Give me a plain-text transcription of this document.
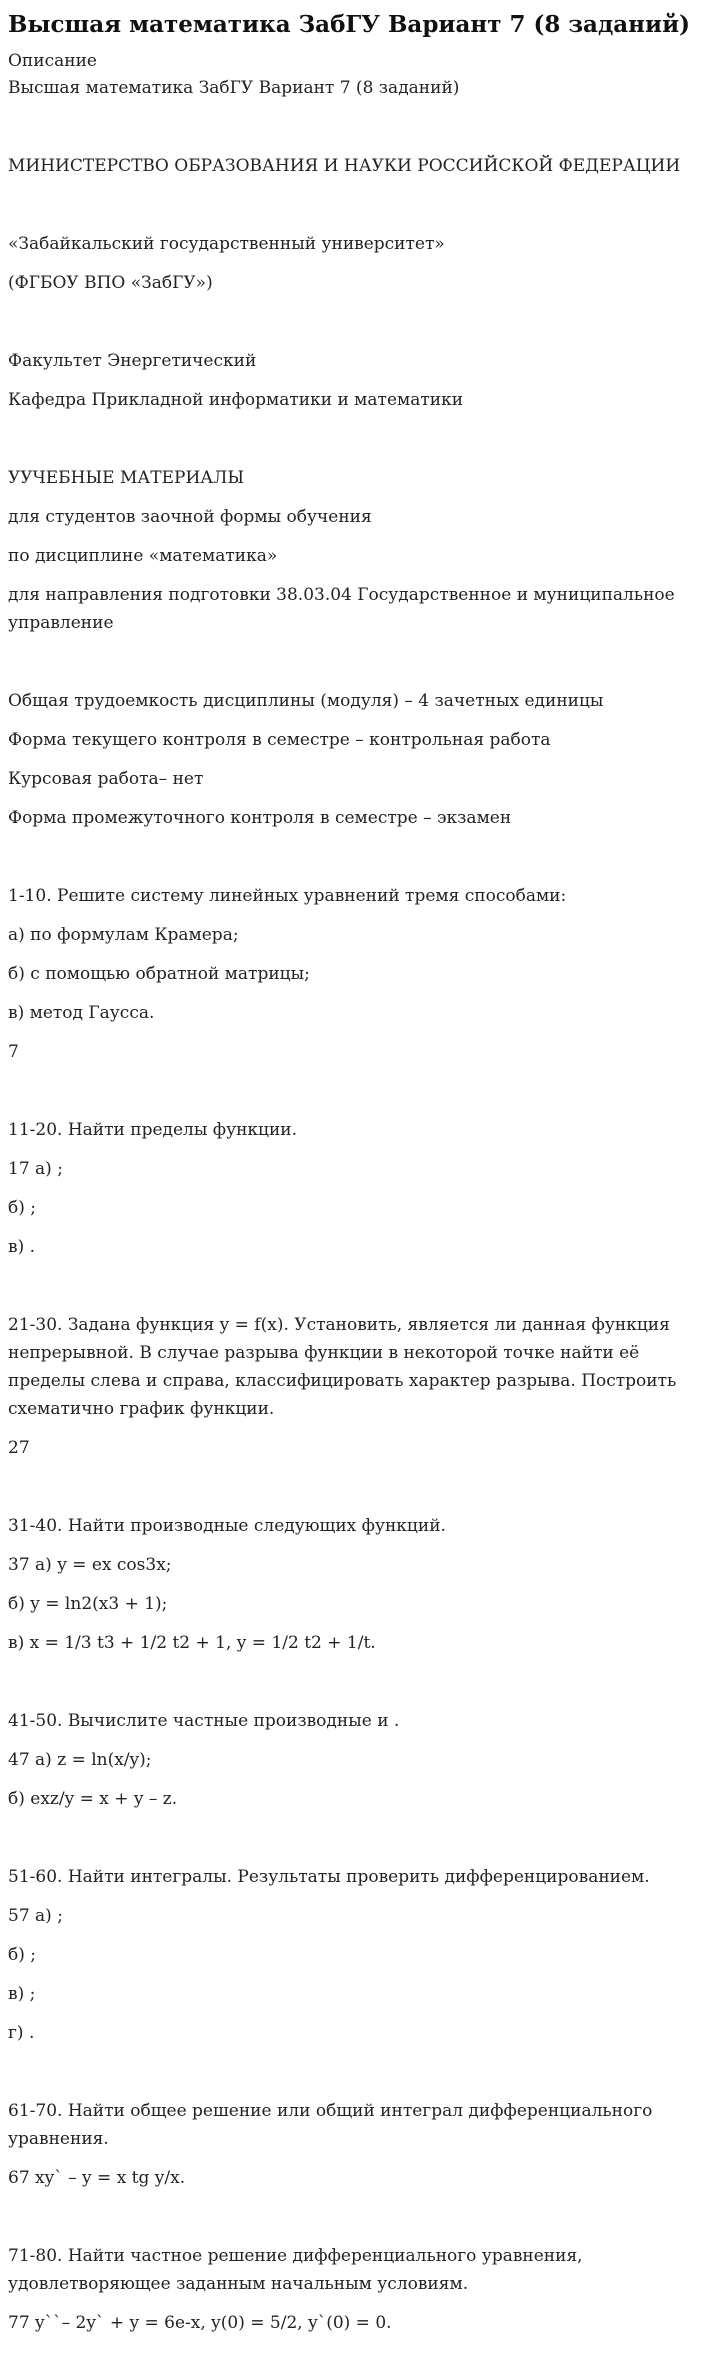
Высшая математика ЗабГУ Вариант 7 (8 заданий)
Описание

Высшая математика ЗабГУ Вариант 7 (8 заданий)

МИНИСТЕРСТВО ОБРАЗОВАНИЯ И НАУКИ РОССИЙСКОЙ ФЕДЕРАЦИИ

«Забайкальский государственный университет»

(ФГБОУ ВПО «ЗабГУ»)

Факультет Энергетический

Кафедра Прикладной информатики и математики

УУЧЕБНЫЕ МАТЕРИАЛЫ

для студентов заочной формы обучения

по дисциплине «математика»

для направления подготовки 38.03.04 Государственное и муниципальное управление

Общая трудоемкость дисциплины (модуля) – 4 зачетных единицы

Форма текущего контроля в семестре – контрольная работа

Курсовая работа– нет

Форма промежуточного контроля в семестре – экзамен

1-10. Решите систему линейных уравнений тремя способами:

а) по формулам Крамера;

б) с помощью обратной матрицы;

в) метод Гаусса.

7

11-20. Найти пределы функции.

17 а) ;

б) ;

в) .

21-30. Задана функция y = f(x). Установить, является ли данная функция непрерывной. В случае разрыва функции в некоторой точке найти её пределы слева и справа, классифицировать характер разрыва. Построить схематично график функции.

27

31-40. Найти производные следующих функций.

37 а) y = ex cos3x;

б) y = ln2(x3 + 1);

в) x = 1/3 t3 + 1/2 t2 + 1, y = 1/2 t2 + 1/t.

41-50. Вычислите частные производные и .

47 а) z = ln(x/y);

б) exz/y = x + y – z.

51-60. Найти интегралы. Результаты проверить дифференцированием.

57 а) ;

б) ;

в) ;

г) .

61-70. Найти общее решение или общий интеграл дифференциального уравнения.

67 xy` – y = x tg y/x.

71-80. Найти частное решение дифференциального уравнения, удовлетворяющее заданным начальным условиям.

77 y``– 2y` + y = 6e-x, y(0) = 5/2, y`(0) = 0.
